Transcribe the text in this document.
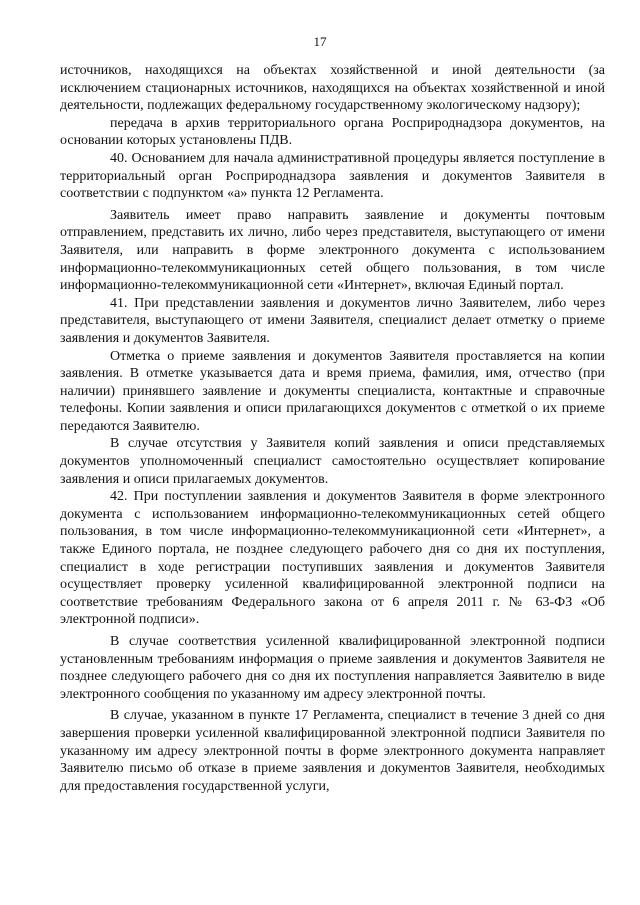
17

источников, находящихся на объектах хозяйственной и иной деятельности (за исключением стационарных источников, находящихся на объектах хозяйственной и иной деятельности, подлежащих федеральному государственному экологическому надзору);

передача в архив территориального органа Росприроднадзора документов, на основании которых установлены ПДВ.

40. Основанием для начала административной процедуры является поступление в территориальный орган Росприроднадзора заявления и документов Заявителя в соответствии с подпунктом «а» пункта 12 Регламента.

Заявитель имеет право направить заявление и документы почтовым отправлением, представить их лично, либо через представителя, выступающего от имени Заявителя, или направить в форме электронного документа с использованием информационно-телекоммуникационных сетей общего пользования, в том числе информационно-телекоммуникационной сети «Интернет», включая Единый портал.

41. При представлении заявления и документов лично Заявителем, либо через представителя, выступающего от имени Заявителя, специалист делает отметку о приеме заявления и документов Заявителя.

Отметка о приеме заявления и документов Заявителя проставляется на копии заявления. В отметке указывается дата и время приема, фамилия, имя, отчество (при наличии) принявшего заявление и документы специалиста, контактные и справочные телефоны. Копии заявления и описи прилагающихся документов с отметкой о их приеме передаются Заявителю.

В случае отсутствия у Заявителя копий заявления и описи представляемых документов уполномоченный специалист самостоятельно осуществляет копирование заявления и описи прилагаемых документов.

42. При поступлении заявления и документов Заявителя в форме электронного документа с использованием информационно-телекоммуникационных сетей общего пользования, в том числе информационно-телекоммуникационной сети «Интернет», а также Единого портала, не позднее следующего рабочего дня со дня их поступления, специалист в ходе регистрации поступивших заявления и документов Заявителя осуществляет проверку усиленной квалифицированной электронной подписи на соответствие требованиям Федерального закона от 6 апреля 2011 г. № 63-ФЗ «Об электронной подписи».

В случае соответствия усиленной квалифицированной электронной подписи установленным требованиям информация о приеме заявления и документов Заявителя не позднее следующего рабочего дня со дня их поступления направляется Заявителю в виде электронного сообщения по указанному им адресу электронной почты.

В случае, указанном в пункте 17 Регламента, специалист в течение 3 дней со дня завершения проверки усиленной квалифицированной электронной подписи Заявителя по указанному им адресу электронной почты в форме электронного документа направляет Заявителю письмо об отказе в приеме заявления и документов Заявителя, необходимых для предоставления государственной услуги,
